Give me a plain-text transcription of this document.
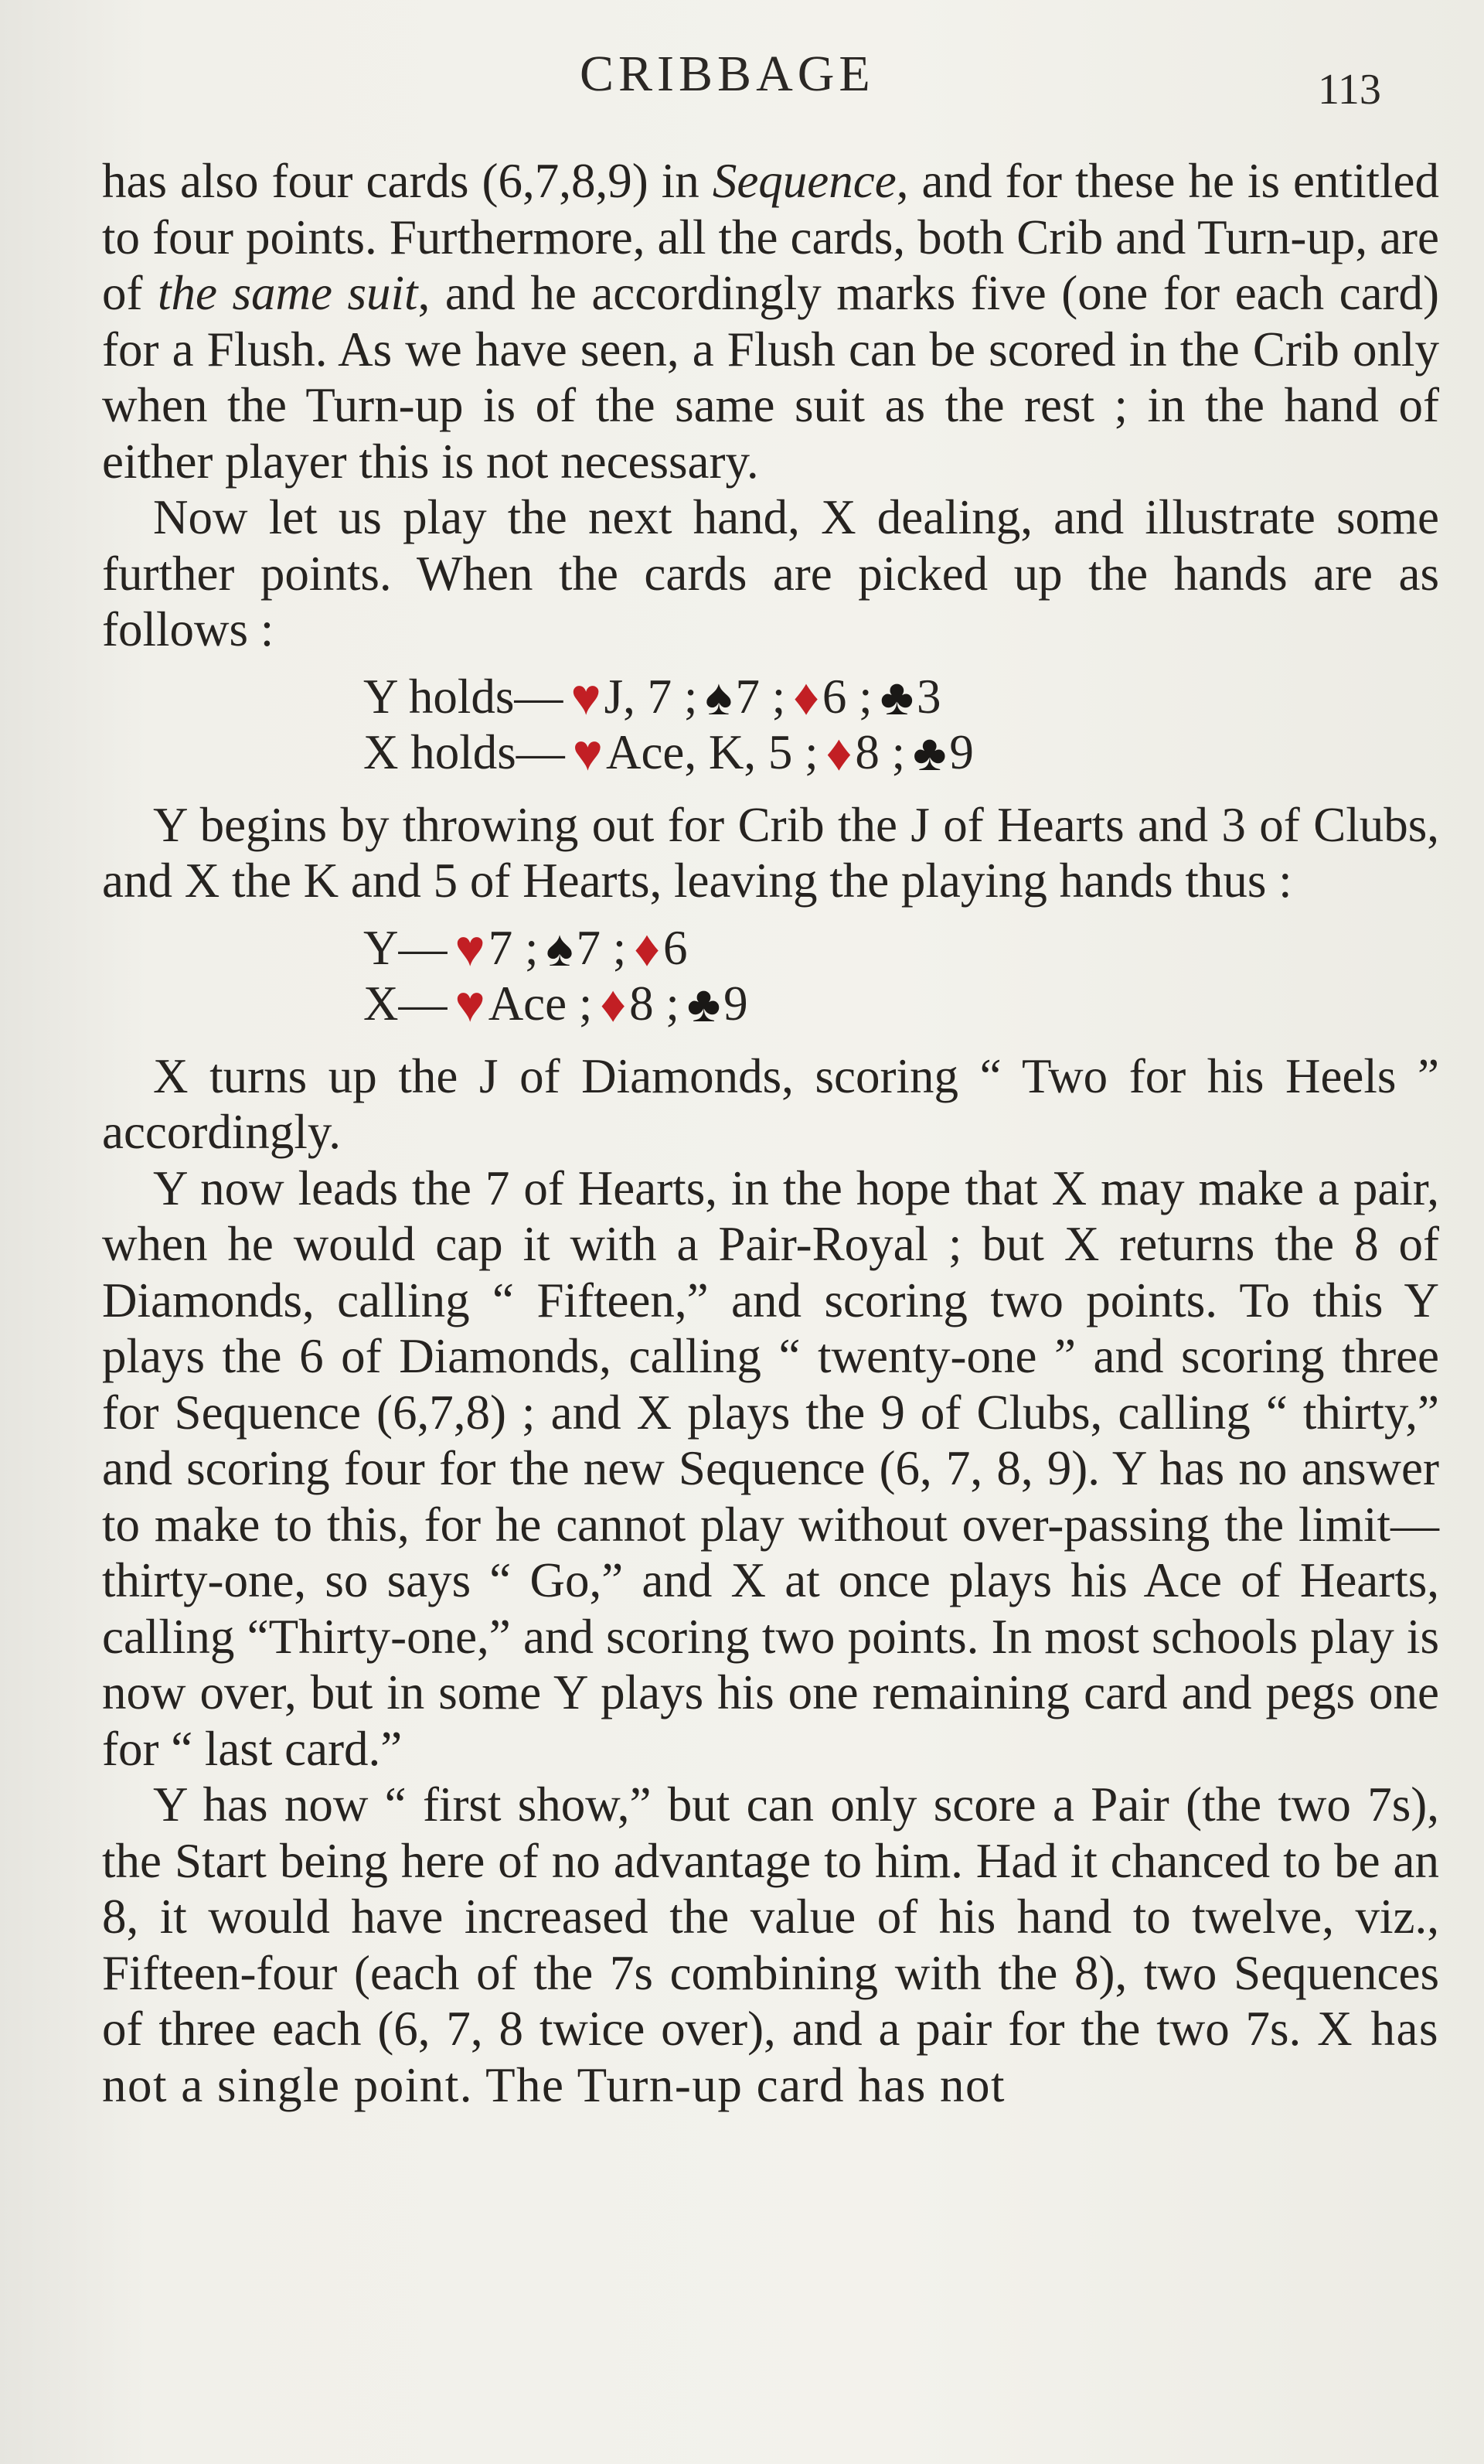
CRIBBAGE	113

has also four cards (6,7,8,9) in Sequence, and for these he is entitled to four points. Furthermore, all the cards, both Crib and Turn-up, are of the same suit, and he accordingly marks five (one for each card) for a Flush. As we have seen, a Flush can be scored in the Crib only when the Turn-up is of the same suit as the rest ; in the hand of either player this is not necessary.

Now let us play the next hand, X dealing, and illustrate some further points. When the cards are picked up the hands are as follows :

Y holds— ♥J, 7 ; ♠7 ; ♦6 ; ♣3
X holds— ♥Ace, K, 5 ; ♦8 ; ♣9

Y begins by throwing out for Crib the J of Hearts and 3 of Clubs, and X the K and 5 of Hearts, leaving the playing hands thus :

Y— ♥7 ; ♠7 ; ♦6
X— ♥Ace ; ♦8 ; ♣9

X turns up the J of Diamonds, scoring “ Two for his Heels ” accordingly.

Y now leads the 7 of Hearts, in the hope that X may make a pair, when he would cap it with a Pair-Royal ; but X returns the 8 of Diamonds, calling “ Fifteen,” and scoring two points. To this Y plays the 6 of Diamonds, calling “ twenty-one ” and scoring three for Sequence (6,7,8) ; and X plays the 9 of Clubs, calling “ thirty,” and scoring four for the new Sequence (6, 7, 8, 9). Y has no answer to make to this, for he cannot play without over-passing the limit—thirty-one, so says “ Go,” and X at once plays his Ace of Hearts, calling “Thirty-one,” and scoring two points. In most schools play is now over, but in some Y plays his one remaining card and pegs one for “ last card.”

Y has now “ first show,” but can only score a Pair (the two 7s), the Start being here of no advantage to him. Had it chanced to be an 8, it would have increased the value of his hand to twelve, viz., Fifteen-four (each of the 7s combining with the 8), two Sequences of three each (6, 7, 8 twice over), and a pair for the two 7s. X has not a single point. The Turn-up card has not
